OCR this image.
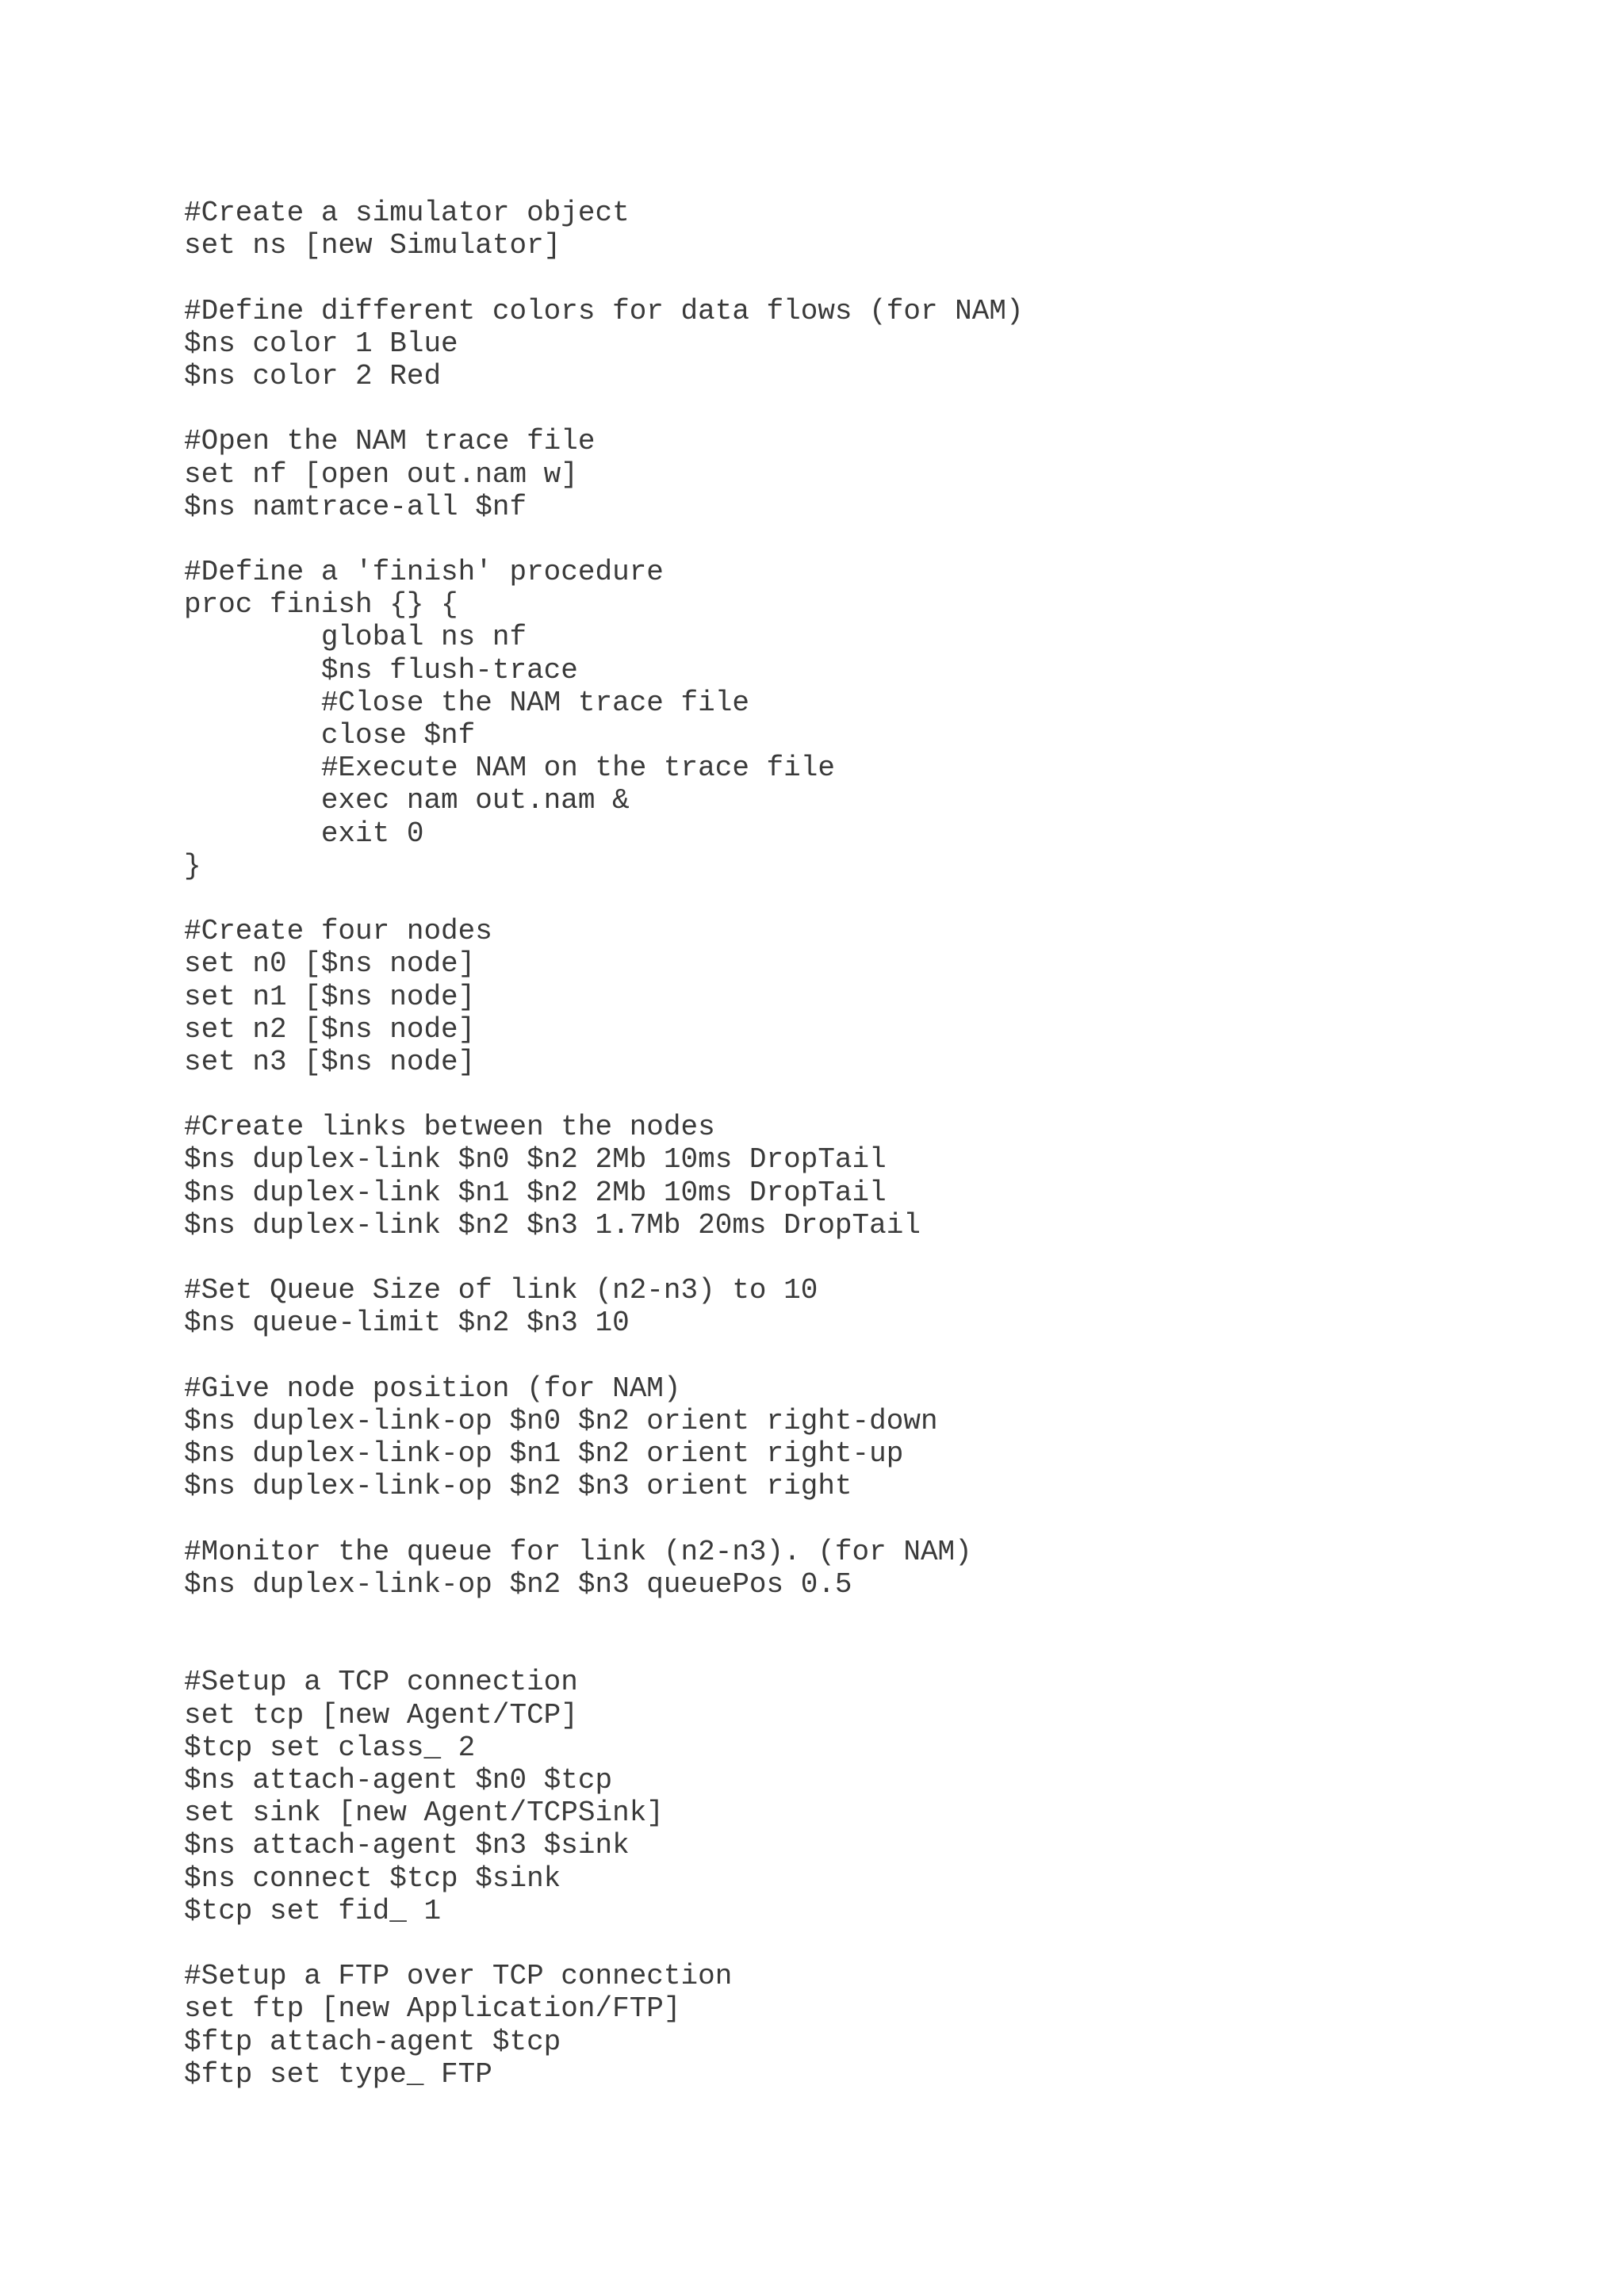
#Create a simulator object
set ns [new Simulator]
#Define different colors for data flows (for NAM)
$ns color 1 Blue
$ns color 2 Red
#Open the NAM trace file
set nf [open out.nam w]
$ns namtrace-all $nf
#Define a 'finish' procedure
proc finish {} {
global ns nf
$ns flush-trace
#Close the NAM trace file
close $nf
#Execute NAM on the trace file
exec nam out.nam &
exit 0
}
#Create four nodes
set n0 [$ns node]
set n1 [$ns node]
set n2 [$ns node]
set n3 [$ns node]
#Create links between the nodes
$ns duplex-link $n0 $n2 2Mb 10ms DropTail
$ns duplex-link $n1 $n2 2Mb 10ms DropTail
$ns duplex-link $n2 $n3 1.7Mb 20ms DropTail
#Set Queue Size of link (n2-n3) to 10
$ns queue-limit $n2 $n3 10
#Give node position (for NAM)
$ns duplex-link-op $n0 $n2 orient right-down
$ns duplex-link-op $n1 $n2 orient right-up
$ns duplex-link-op $n2 $n3 orient right
#Monitor the queue for link (n2-n3). (for NAM)
$ns duplex-link-op $n2 $n3 queuePos 0.5
#Setup a TCP connection
set tcp [new Agent/TCP]
$tcp set class_ 2
$ns attach-agent $n0 $tcp
set sink [new Agent/TCPSink]
$ns attach-agent $n3 $sink
$ns connect $tcp $sink
$tcp set fid_ 1
#Setup a FTP over TCP connection
set ftp [new Application/FTP]
$ftp attach-agent $tcp
$ftp set type_ FTP
